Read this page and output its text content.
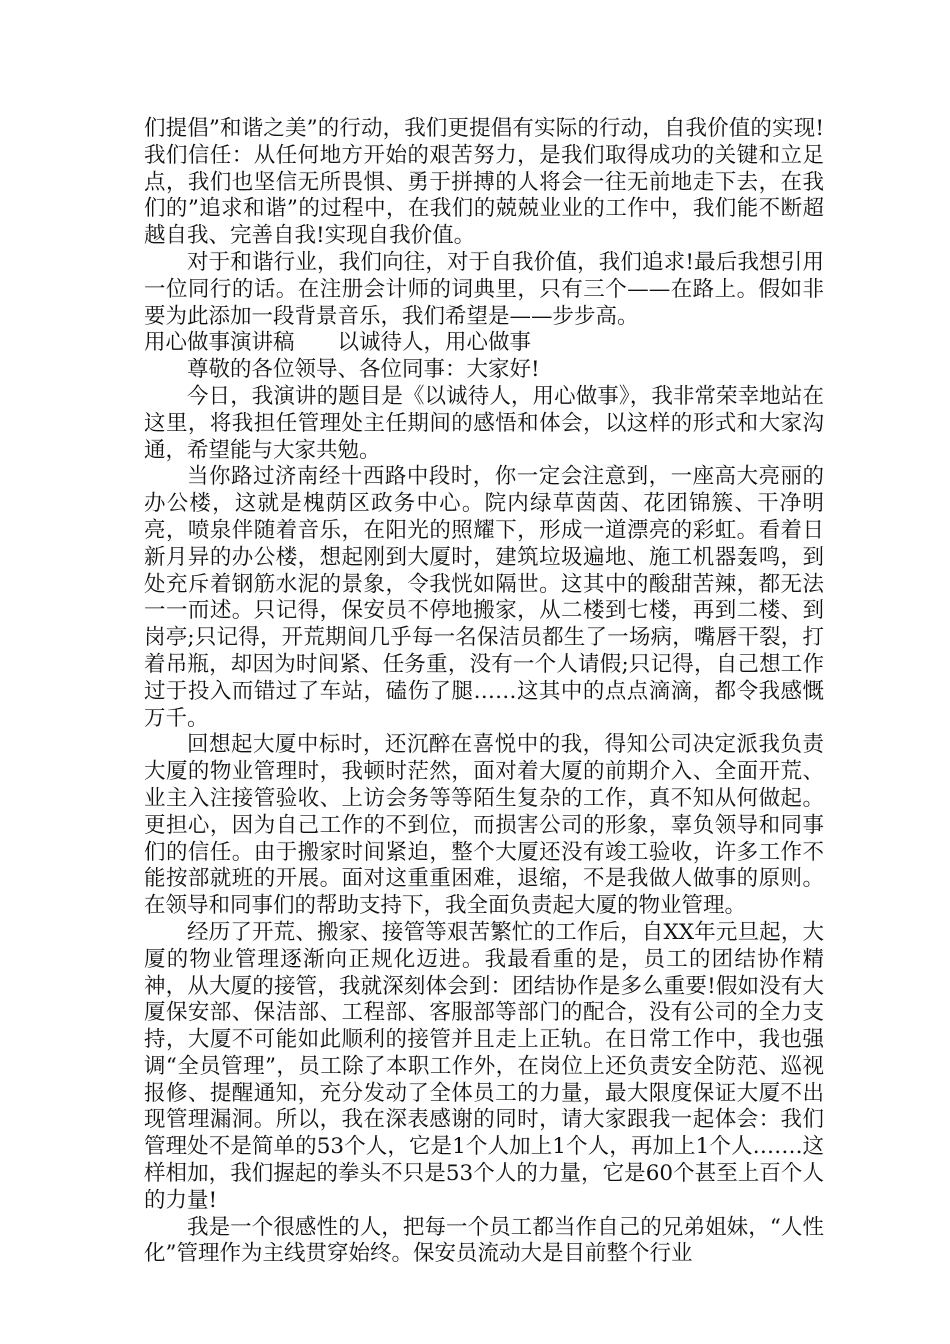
们提倡”和谐之美”的行动，我们更提倡有实际的行动，自我价值的实现!我们信任：从任何地方开始的艰苦努力，是我们取得成功的关键和立足点，我们也坚信无所畏惧、勇于拼搏的人将会一往无前地走下去，在我们的”追求和谐”的过程中，在我们的兢兢业业的工作中，我们能不断超越自我、完善自我!实现自我价值。

对于和谐行业，我们向往，对于自我价值，我们追求!最后我想引用一位同行的话。在注册会计师的词典里，只有三个——在路上。假如非要为此添加一段背景音乐，我们希望是——步步高。

用心做事演讲稿　　以诚待人，用心做事

尊敬的各位领导、各位同事：大家好!

今日，我演讲的题目是《以诚待人，用心做事》，我非常荣幸地站在这里，将我担任管理处主任期间的感悟和体会，以这样的形式和大家沟通，希望能与大家共勉。

当你路过济南经十西路中段时，你一定会注意到，一座高大亮丽的办公楼，这就是槐荫区政务中心。院内绿草茵茵、花团锦簇、干净明亮，喷泉伴随着音乐，在阳光的照耀下，形成一道漂亮的彩虹。看着日新月异的办公楼，想起刚到大厦时，建筑垃圾遍地、施工机器轰鸣，到处充斥着钢筋水泥的景象，令我恍如隔世。这其中的酸甜苦辣，都无法一一而述。只记得，保安员不停地搬家，从二楼到七楼，再到二楼、到岗亭;只记得，开荒期间几乎每一名保洁员都生了一场病，嘴唇干裂，打着吊瓶，却因为时间紧、任务重，没有一个人请假;只记得，自己想工作过于投入而错过了车站，磕伤了腿……这其中的点点滴滴，都令我感慨万千。

回想起大厦中标时，还沉醉在喜悦中的我，得知公司决定派我负责大厦的物业管理时，我顿时茫然，面对着大厦的前期介入、全面开荒、业主入注接管验收、上访会务等等陌生复杂的工作，真不知从何做起。更担心，因为自己工作的不到位，而损害公司的形象，辜负领导和同事们的信任。由于搬家时间紧迫，整个大厦还没有竣工验收，许多工作不能按部就班的开展。面对这重重困难，退缩，不是我做人做事的原则。在领导和同事们的帮助支持下，我全面负责起大厦的物业管理。

经历了开荒、搬家、接管等艰苦繁忙的工作后，自XX年元旦起，大厦的物业管理逐渐向正规化迈进。我最看重的是，员工的团结协作精神，从大厦的接管，我就深刻体会到：团结协作是多么重要!假如没有大厦保安部、保洁部、工程部、客服部等部门的配合，没有公司的全力支持，大厦不可能如此顺利的接管并且走上正轨。在日常工作中，我也强调“全员管理”，员工除了本职工作外，在岗位上还负责安全防范、巡视报修、提醒通知，充分发动了全体员工的力量，最大限度保证大厦不出现管理漏洞。所以，我在深表感谢的同时，请大家跟我一起体会：我们管理处不是简单的53个人，它是1个人加上1个人，再加上1个人…….这样相加，我们握起的拳头不只是53个人的力量，它是60个甚至上百个人的力量!

我是一个很感性的人，把每一个员工都当作自己的兄弟姐妹，“人性化”管理作为主线贯穿始终。保安员流动大是目前整个行业
